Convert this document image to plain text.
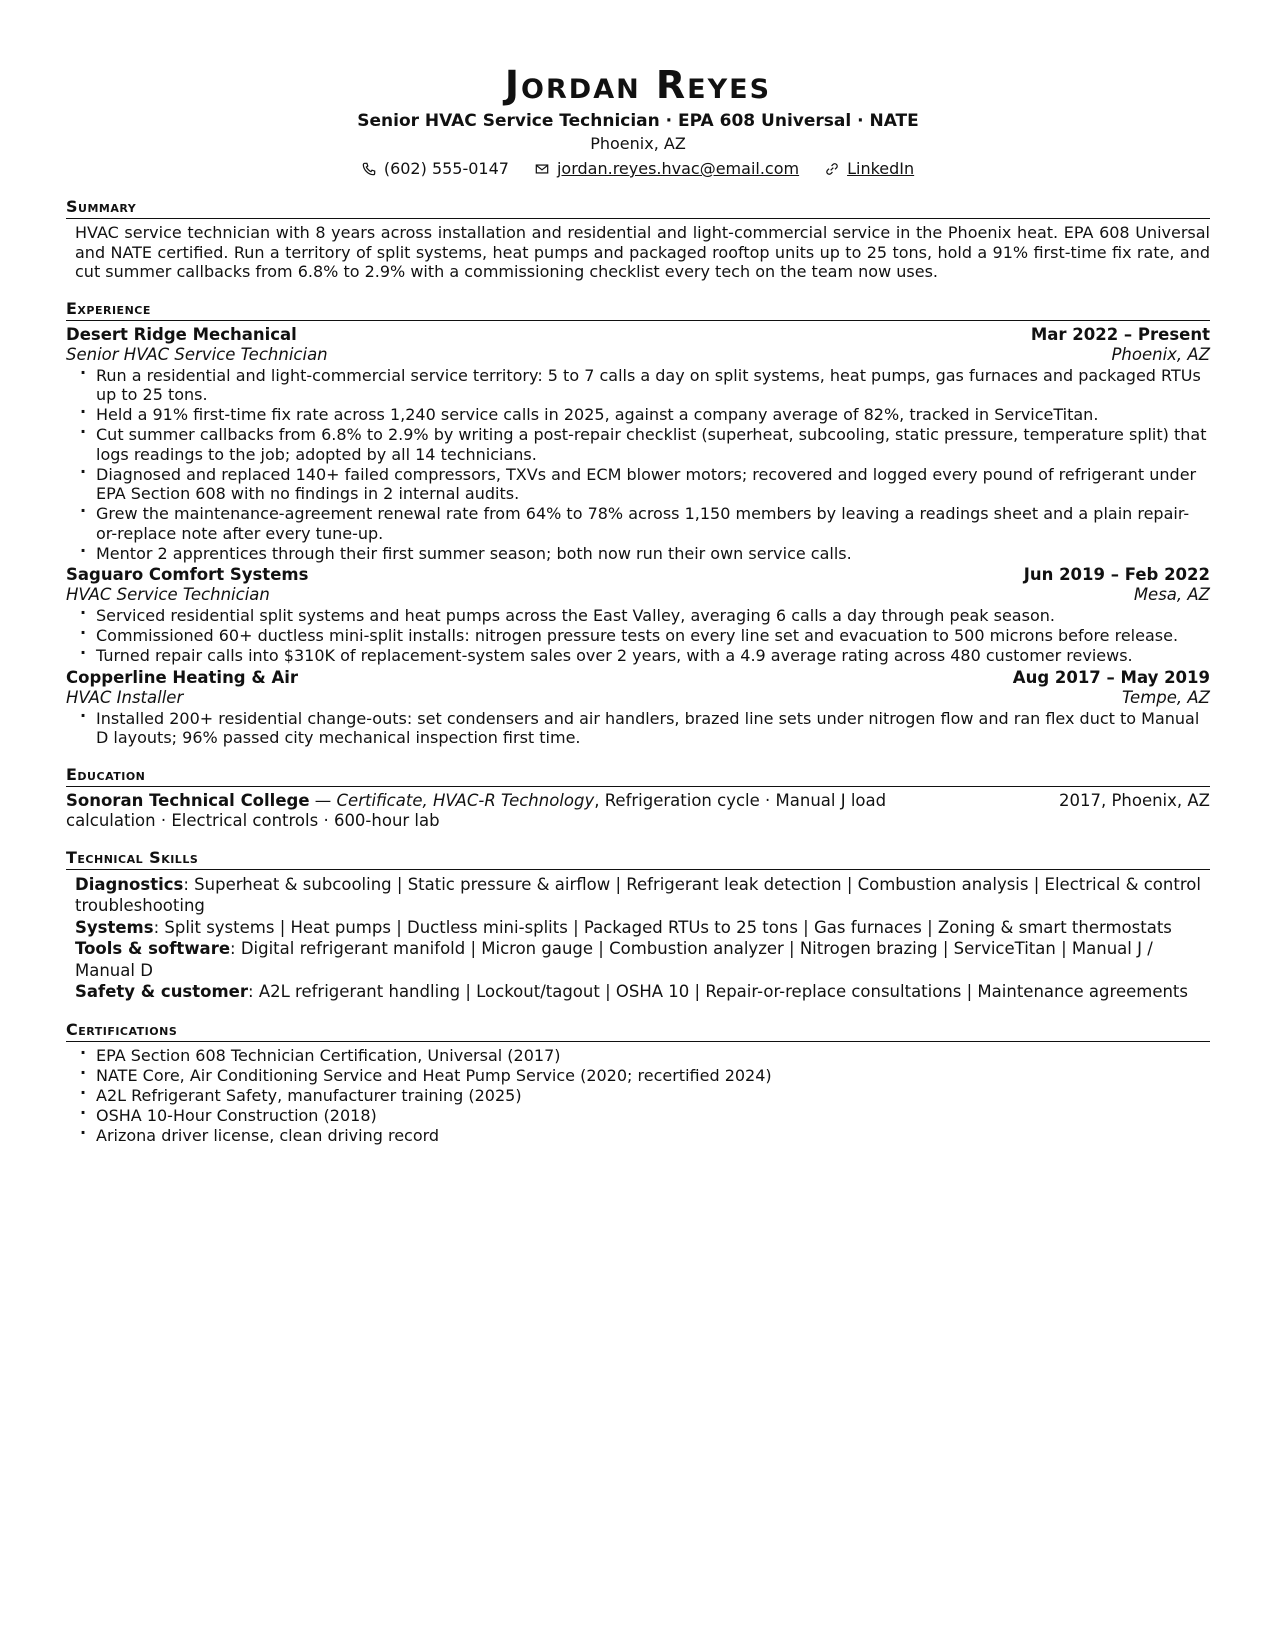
Jordan Reyes
Senior HVAC Service Technician · EPA 608 Universal · NATE
Phoenix, AZ
(602) 555-0147	jordan.reyes.hvac@email.com	LinkedIn
Summary
HVAC service technician with 8 years across installation and residential and light-commercial service in the Phoenix heat. EPA 608 Universal and NATE certified. Run a territory of split systems, heat pumps and packaged rooftop units up to 25 tons, hold a 91% first-time fix rate, and cut summer callbacks from 6.8% to 2.9% with a commissioning checklist every tech on the team now uses.
Experience
Desert Ridge Mechanical	Mar 2022 – Present
Senior HVAC Service Technician	Phoenix, AZ
· Run a residential and light-commercial service territory: 5 to 7 calls a day on split systems, heat pumps, gas furnaces and packaged RTUs up to 25 tons.
· Held a 91% first-time fix rate across 1,240 service calls in 2025, against a company average of 82%, tracked in ServiceTitan.
· Cut summer callbacks from 6.8% to 2.9% by writing a post-repair checklist (superheat, subcooling, static pressure, temperature split) that logs readings to the job; adopted by all 14 technicians.
· Diagnosed and replaced 140+ failed compressors, TXVs and ECM blower motors; recovered and logged every pound of refrigerant under EPA Section 608 with no findings in 2 internal audits.
· Grew the maintenance-agreement renewal rate from 64% to 78% across 1,150 members by leaving a readings sheet and a plain repair-or-replace note after every tune-up.
· Mentor 2 apprentices through their first summer season; both now run their own service calls.
Saguaro Comfort Systems	Jun 2019 – Feb 2022
HVAC Service Technician	Mesa, AZ
· Serviced residential split systems and heat pumps across the East Valley, averaging 6 calls a day through peak season.
· Commissioned 60+ ductless mini-split installs: nitrogen pressure tests on every line set and evacuation to 500 microns before release.
· Turned repair calls into $310K of replacement-system sales over 2 years, with a 4.9 average rating across 480 customer reviews.
Copperline Heating & Air	Aug 2017 – May 2019
HVAC Installer	Tempe, AZ
· Installed 200+ residential change-outs: set condensers and air handlers, brazed line sets under nitrogen flow and ran flex duct to Manual D layouts; 96% passed city mechanical inspection first time.
Education
Sonoran Technical College — Certificate, HVAC-R Technology, Refrigeration cycle · Manual J load calculation · Electrical controls · 600-hour lab
2017, Phoenix, AZ
Technical Skills
Diagnostics: Superheat & subcooling | Static pressure & airflow | Refrigerant leak detection | Combustion analysis | Electrical & control troubleshooting
Systems: Split systems | Heat pumps | Ductless mini-splits | Packaged RTUs to 25 tons | Gas furnaces | Zoning & smart thermostats
Tools & software: Digital refrigerant manifold | Micron gauge | Combustion analyzer | Nitrogen brazing | ServiceTitan | Manual J / Manual D
Safety & customer: A2L refrigerant handling | Lockout/tagout | OSHA 10 | Repair-or-replace consultations | Maintenance agreements
Certifications
· EPA Section 608 Technician Certification, Universal (2017)
· NATE Core, Air Conditioning Service and Heat Pump Service (2020; recertified 2024)
· A2L Refrigerant Safety, manufacturer training (2025)
· OSHA 10-Hour Construction (2018)
· Arizona driver license, clean driving record
